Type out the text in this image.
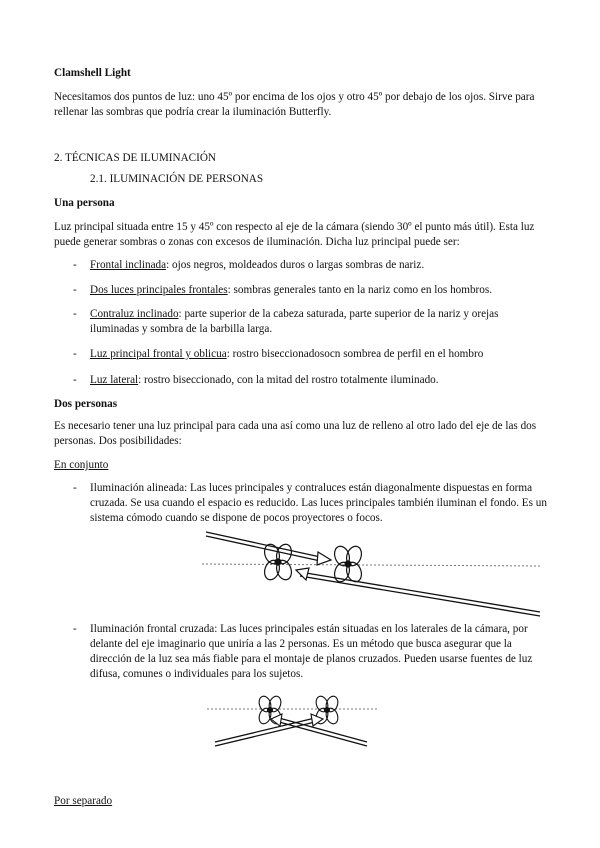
Clamshell Light
Necesitamos dos puntos de luz: uno 45º por encima de los ojos y otro 45º por debajo de los ojos. Sirve para rellenar las sombras que podría crear la iluminación Butterfly.
2. TÉCNICAS DE ILUMINACIÓN
2.1. ILUMINACIÓN DE PERSONAS
Una persona
Luz principal situada entre 15 y 45º con respecto al eje de la cámara (siendo 30º el punto más útil). Esta luz puede generar sombras o zonas con excesos de iluminación. Dicha luz principal puede ser:
- Frontal inclinada: ojos negros, moldeados duros o largas sombras de nariz.
- Dos luces principales frontales: sombras generales tanto en la nariz como en los hombros.
- Contraluz inclinado: parte superior de la cabeza saturada, parte superior de la nariz y orejas iluminadas y sombra de la barbilla larga.
- Luz principal frontal y oblicua: rostro biseccionadosocn sombrea de perfil en el hombro
- Luz lateral: rostro biseccionado, con la mitad del rostro totalmente iluminado.
Dos personas
Es necesario tener una luz principal para cada una así como una luz de relleno al otro lado del eje de las dos personas. Dos posibilidades:
En conjunto
- Iluminación alineada: Las luces principales y contraluces están diagonalmente dispuestas en forma cruzada. Se usa cuando el espacio es reducido. Las luces principales también iluminan el fondo. Es un sistema cómodo cuando se dispone de pocos proyectores o focos.
- Iluminación frontal cruzada: Las luces principales están situadas en los laterales de la cámara, por delante del eje imaginario que uniría a las 2 personas. Es un método que busca asegurar que la dirección de la luz sea más fiable para el montaje de planos cruzados. Pueden usarse fuentes de luz difusa, comunes o individuales para los sujetos.
Por separado
